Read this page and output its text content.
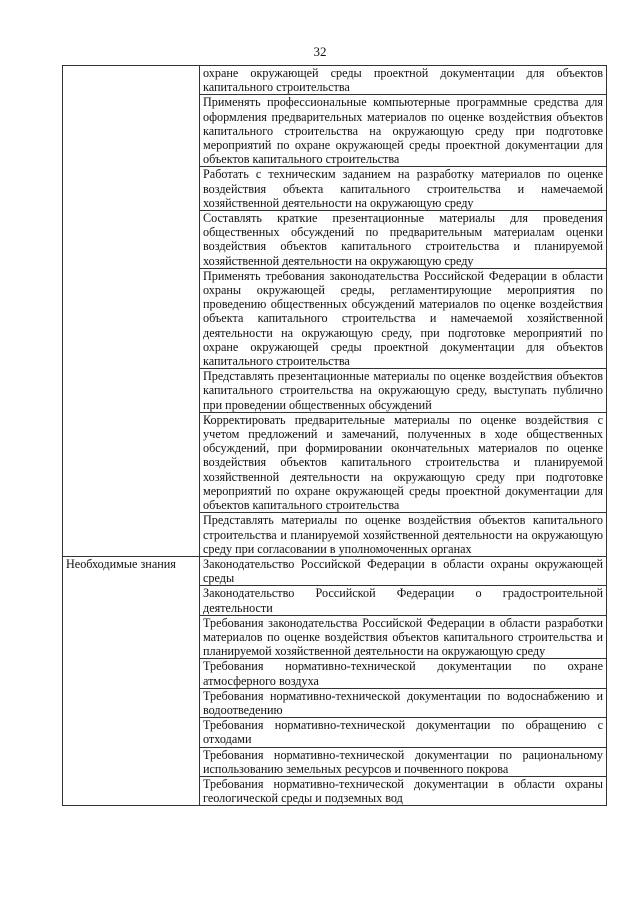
32
	охране окружающей среды проектной документации для объектов капитального строительства
	Применять профессиональные компьютерные программные средства для оформления предварительных материалов по оценке воздействия объектов капитального строительства на окружающую среду при подготовке мероприятий по охране окружающей среды проектной документации для объектов капитального строительства
	Работать с техническим заданием на разработку материалов по оценке воздействия объекта капитального строительства и намечаемой хозяйственной деятельности на окружающую среду
	Составлять краткие презентационные материалы для проведения общественных обсуждений по предварительным материалам оценки воздействия объектов капитального строительства и планируемой хозяйственной деятельности на окружающую среду
	Применять требования законодательства Российской Федерации в области охраны окружающей среды, регламентирующие мероприятия по проведению общественных обсуждений материалов по оценке воздействия объекта капитального строительства и намечаемой хозяйственной деятельности на окружающую среду, при подготовке мероприятий по охране окружающей среды проектной документации для объектов капитального строительства
	Представлять презентационные материалы по оценке воздействия объектов капитального строительства на окружающую среду, выступать публично при проведении общественных обсуждений
	Корректировать предварительные материалы по оценке воздействия с учетом предложений и замечаний, полученных в ходе общественных обсуждений, при формировании окончательных материалов по оценке воздействия объектов капитального строительства и планируемой хозяйственной деятельности на окружающую среду при подготовке мероприятий по охране окружающей среды проектной документации для объектов капитального строительства
	Представлять материалы по оценке воздействия объектов капитального строительства и планируемой хозяйственной деятельности на окружающую среду при согласовании в уполномоченных органах
Необходимые знания	Законодательство Российской Федерации в области охраны окружающей среды
	Законодательство Российской Федерации о градостроительной деятельности
	Требования законодательства Российской Федерации в области разработки материалов по оценке воздействия объектов капитального строительства и планируемой хозяйственной деятельности на окружающую среду
	Требования нормативно-технической документации по охране атмосферного воздуха
	Требования нормативно-технической документации по водоснабжению и водоотведению
	Требования нормативно-технической документации по обращению с отходами
	Требования нормативно-технической документации по рациональному использованию земельных ресурсов и почвенного покрова
	Требования нормативно-технической документации в области охраны геологической среды и подземных вод
